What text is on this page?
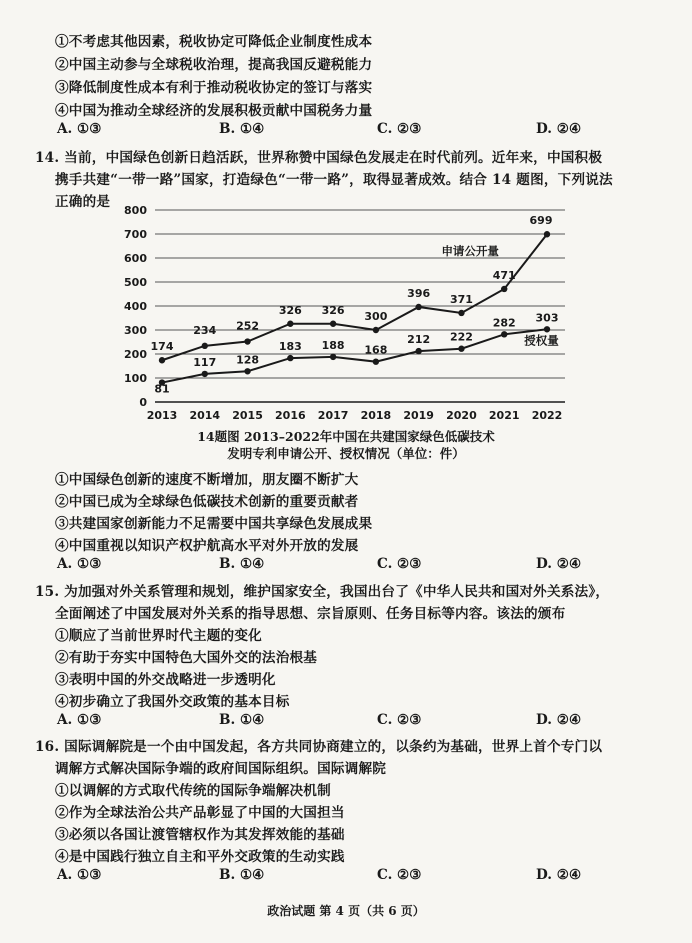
①不考虑其他因素，税收协定可降低企业制度性成本
②中国主动参与全球税收治理，提高我国反避税能力
③降低制度性成本有利于推动税收协定的签订与落实
④中国为推动全球经济的发展积极贡献中国税务力量
A. ①③	B. ①④	C. ②③	D. ②④
14. 当前，中国绿色创新日趋活跃，世界称赞中国绿色发展走在时代前列。近年来，中国积极
携手共建“一带一路”国家，打造绿色“一带一路”，取得显著成效。结合 14 题图，下列说法
正确的是
0
100
200
300
400
500
600
700
800
2013 2014 2015 2016 2017 2018 2019 2020 2021 2022
174
234 252
326 326 300
396 371
471
699
81
117 128
183 188 168
212 222
282 303
申请公开量
授权量
14题图 2013–2022年中国在共建国家绿色低碳技术
发明专利申请公开、授权情况（单位：件）
①中国绿色创新的速度不断增加，朋友圈不断扩大
②中国已成为全球绿色低碳技术创新的重要贡献者
③共建国家创新能力不足需要中国共享绿色发展成果
④中国重视以知识产权护航高水平对外开放的发展
A. ①③	B. ①④	C. ②③	D. ②④
15. 为加强对外关系管理和规划，维护国家安全，我国出台了《中华人民共和国对外关系法》，
全面阐述了中国发展对外关系的指导思想、宗旨原则、任务目标等内容。该法的颁布
①顺应了当前世界时代主题的变化
②有助于夯实中国特色大国外交的法治根基
③表明中国的外交战略进一步透明化
④初步确立了我国外交政策的基本目标
A. ①③	B. ①④	C. ②③	D. ②④
16. 国际调解院是一个由中国发起，各方共同协商建立的，以条约为基础，世界上首个专门以
调解方式解决国际争端的政府间国际组织。国际调解院
①以调解的方式取代传统的国际争端解决机制
②作为全球法治公共产品彰显了中国的大国担当
③必须以各国让渡管辖权作为其发挥效能的基础
④是中国践行独立自主和平外交政策的生动实践
A. ①③	B. ①④	C. ②③	D. ②④
政治试题 第 4 页（共 6 页）
